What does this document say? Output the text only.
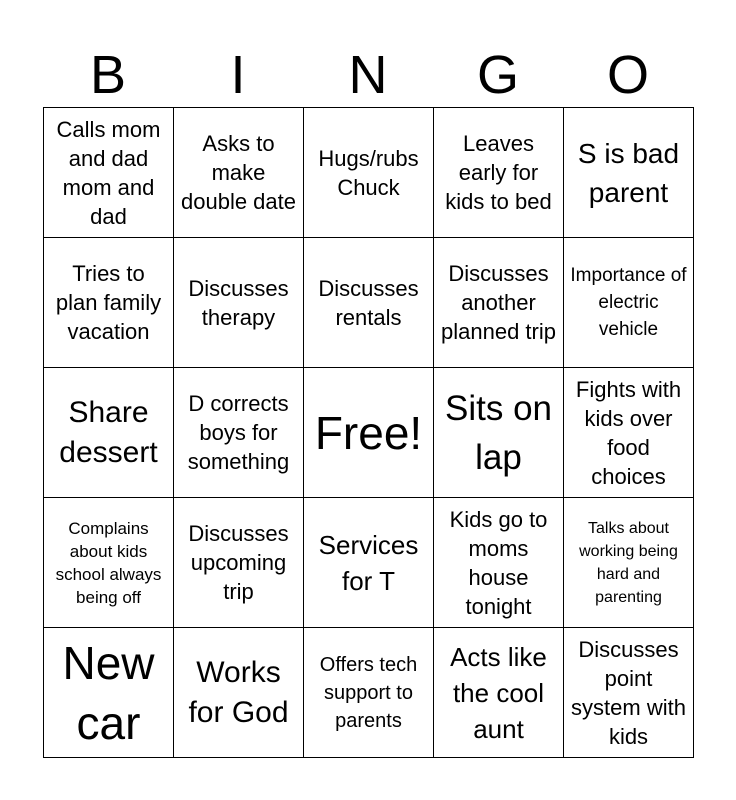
B	I	N	G	O
Calls mom and dad mom and dad	Asks to make double date	Hugs/rubs Chuck	Leaves early for kids to bed	S is bad parent
Tries to plan family vacation	Discusses therapy	Discusses rentals	Discusses another planned trip	Importance of electric vehicle
Share dessert	D corrects boys for something	Free!	Sits on lap	Fights with kids over food choices
Complains about kids school always being off	Discusses upcoming trip	Services for T	Kids go to moms house tonight	Talks about working being hard and parenting
New car	Works for God	Offers tech support to parents	Acts like the cool aunt	Discusses point system with kids
